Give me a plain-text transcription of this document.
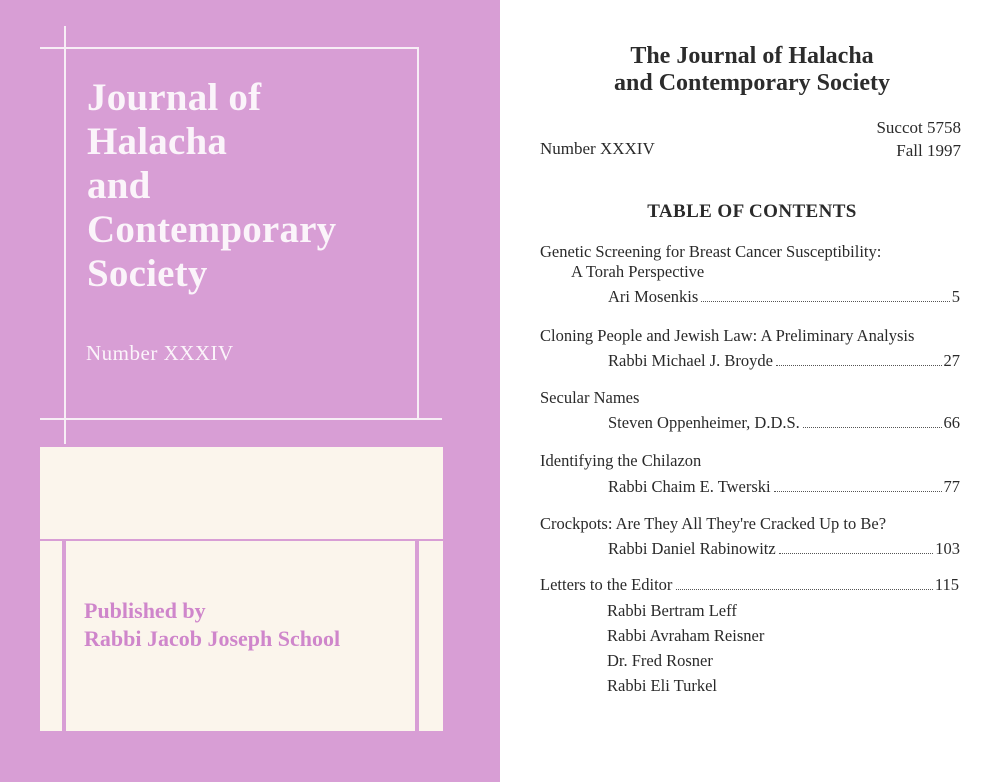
Journal of
Halacha
and
Contemporary
Society
Number XXXIV
Published by
Rabbi Jacob Joseph School
The Journal of Halacha
and Contemporary Society
Number XXXIV
Succot 5758
Fall 1997
TABLE OF CONTENTS
Genetic Screening for Breast Cancer Susceptibility:
A Torah Perspective
Ari Mosenkis	5
Cloning People and Jewish Law: A Preliminary Analysis
Rabbi Michael J. Broyde	27
Secular Names
Steven Oppenheimer, D.D.S.	66
Identifying the Chilazon
Rabbi Chaim E. Twerski	77
Crockpots: Are They All They're Cracked Up to Be?
Rabbi Daniel Rabinowitz	103
Letters to the Editor	115
Rabbi Bertram Leff
Rabbi Avraham Reisner
Dr. Fred Rosner
Rabbi Eli Turkel
